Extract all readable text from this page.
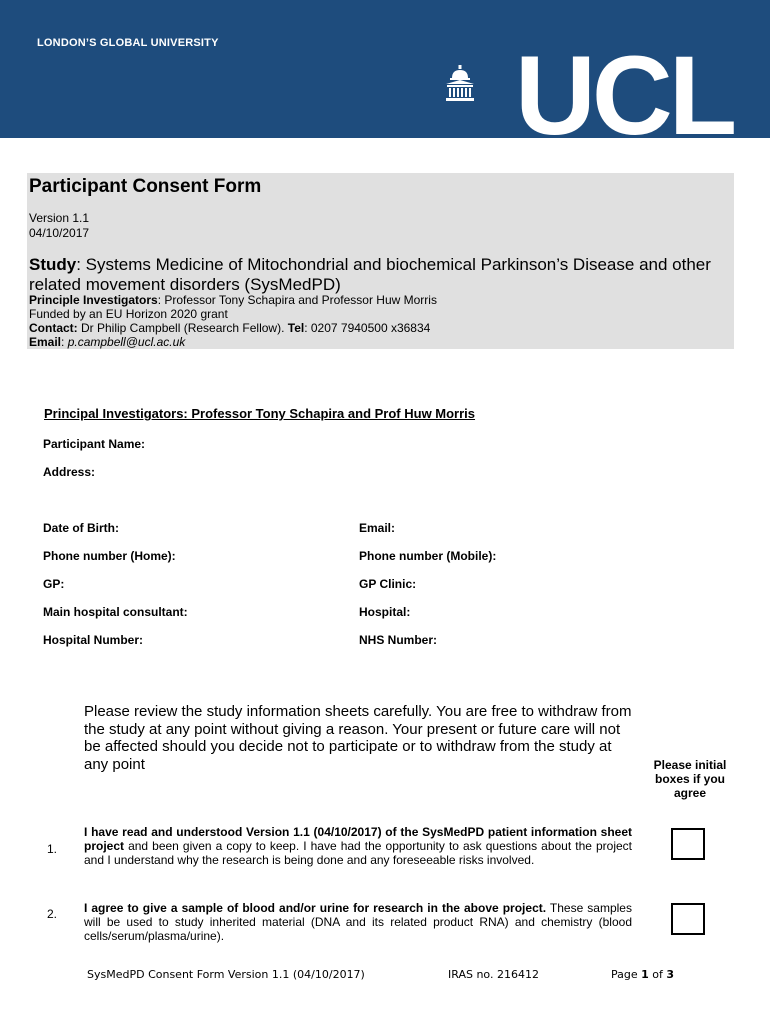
LONDON’S GLOBAL UNIVERSITY	UCL
Participant Consent Form
Version 1.1
04/10/2017
Study: Systems Medicine of Mitochondrial and biochemical Parkinson’s Disease and other related movement disorders (SysMedPD)
Principle Investigators: Professor Tony Schapira and Professor Huw Morris
Funded by an EU Horizon 2020 grant
Contact: Dr Philip Campbell (Research Fellow). Tel: 0207 7940500 x36834
Email: p.campbell@ucl.ac.uk
Principal Investigators: Professor Tony Schapira and Prof Huw Morris
Participant Name:
Address:
Date of Birth:	Email:
Phone number (Home):	Phone number (Mobile):
GP:	GP Clinic:
Main hospital consultant:	Hospital:
Hospital Number:	NHS Number:
Please review the study information sheets carefully. You are free to withdraw from the study at any point without giving a reason. Your present or future care will not be affected should you decide not to participate or to withdraw from the study at any point	Please initial boxes if you agree
1.
I have read and understood Version 1.1 (04/10/2017) of the SysMedPD patient information sheet project and been given a copy to keep. I have had the opportunity to ask questions about the project and I understand why the research is being done and any foreseeable risks involved.
2. I agree to give a sample of blood and/or urine for research in the above project. These samples will be used to study inherited material (DNA and its related product RNA) and chemistry (blood cells/serum/plasma/urine).
SysMedPD Consent Form Version 1.1 (04/10/2017)	IRAS no. 216412	Page 1 of 3
